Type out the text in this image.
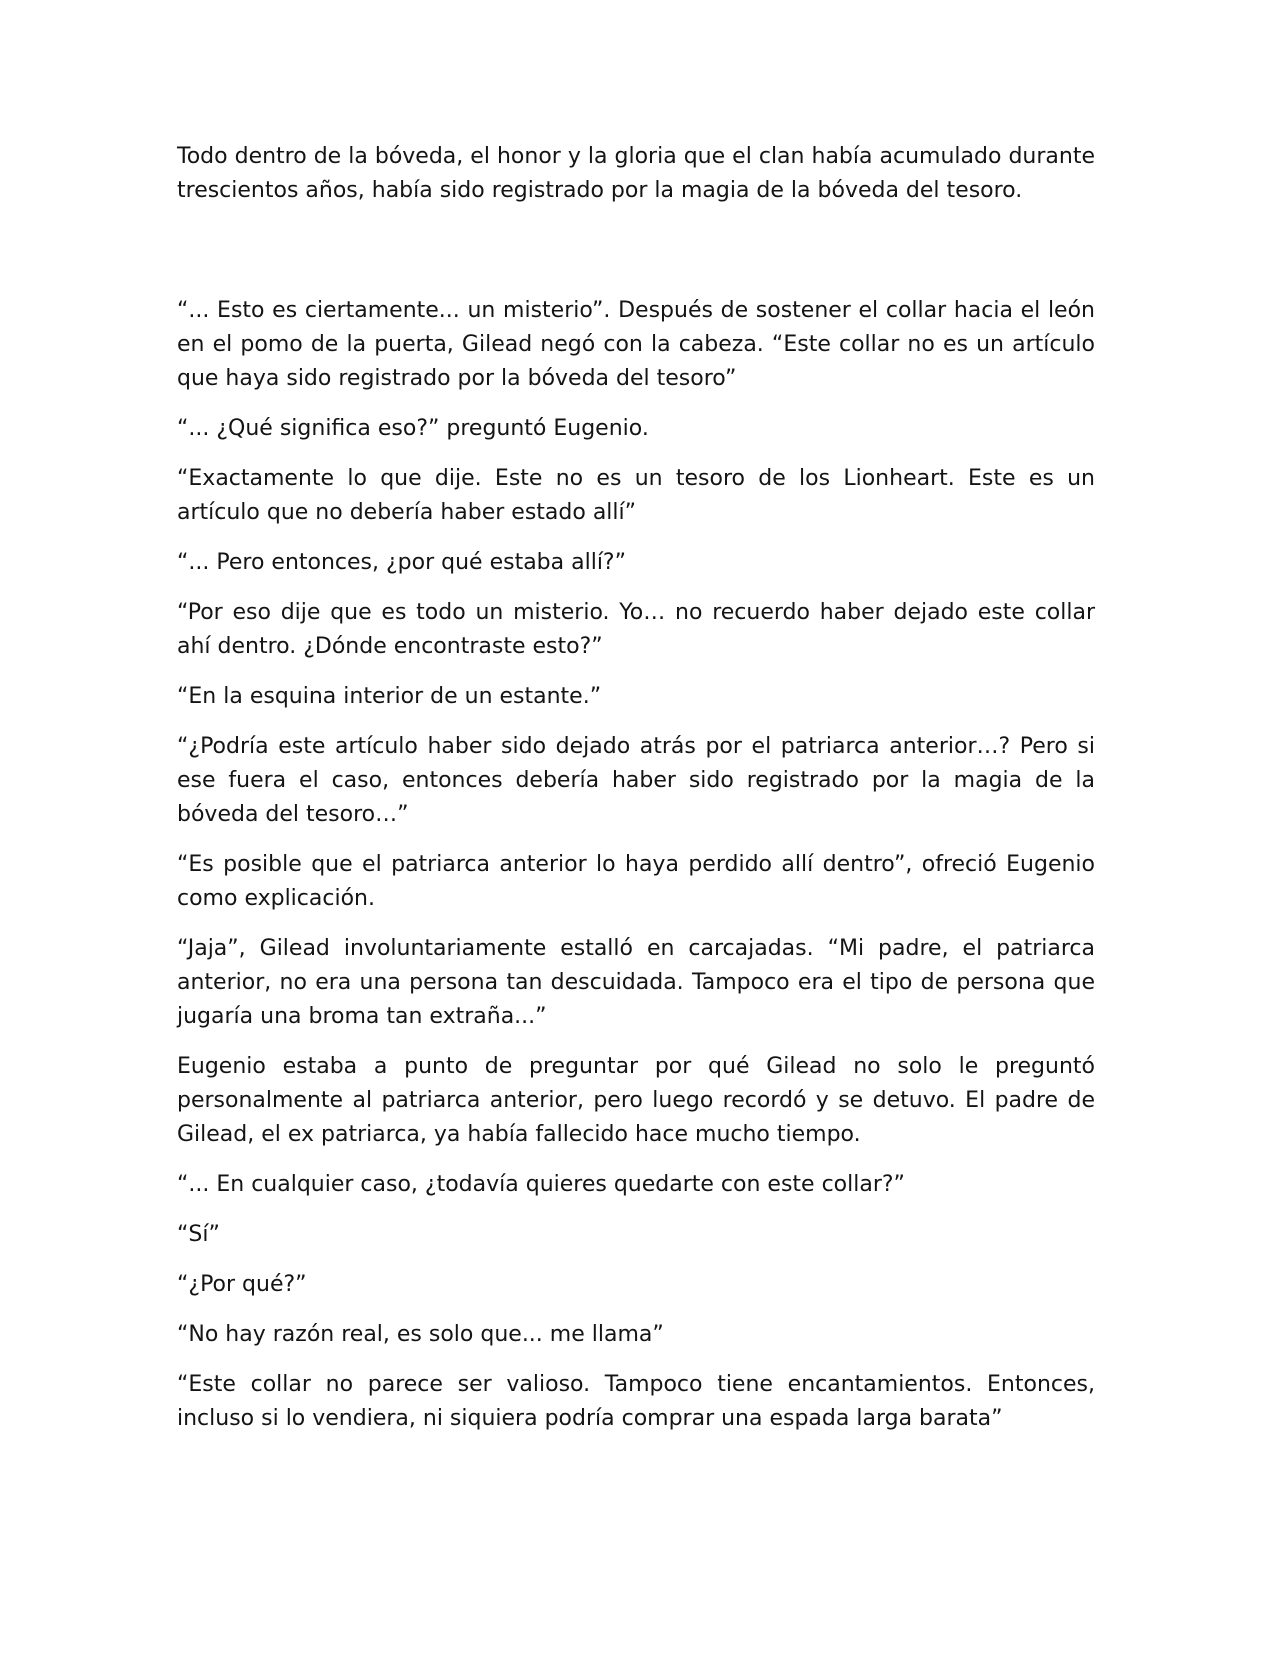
Todo dentro de la bóveda, el honor y la gloria que el clan había acumulado durante trescientos años, había sido registrado por la magia de la bóveda del tesoro.

“... Esto es ciertamente... un misterio”. Después de sostener el collar hacia el león en el pomo de la puerta, Gilead negó con la cabeza. “Este collar no es un artículo que haya sido registrado por la bóveda del tesoro”

“... ¿Qué significa eso?” preguntó Eugenio.

“Exactamente lo que dije. Este no es un tesoro de los Lionheart. Este es un artículo que no debería haber estado allí”

“... Pero entonces, ¿por qué estaba allí?”

“Por eso dije que es todo un misterio. Yo… no recuerdo haber dejado este collar ahí dentro. ¿Dónde encontraste esto?”

“En la esquina interior de un estante.”

“¿Podría este artículo haber sido dejado atrás por el patriarca anterior…? Pero si ese fuera el caso, entonces debería haber sido registrado por la magia de la bóveda del tesoro…”

“Es posible que el patriarca anterior lo haya perdido allí dentro”, ofreció Eugenio como explicación.

“Jaja”, Gilead involuntariamente estalló en carcajadas. “Mi padre, el patriarca anterior, no era una persona tan descuidada. Tampoco era el tipo de persona que jugaría una broma tan extraña...”

Eugenio estaba a punto de preguntar por qué Gilead no solo le preguntó personalmente al patriarca anterior, pero luego recordó y se detuvo. El padre de Gilead, el ex patriarca, ya había fallecido hace mucho tiempo.

“... En cualquier caso, ¿todavía quieres quedarte con este collar?”

“Sí”

“¿Por qué?”

“No hay razón real, es solo que... me llama”

“Este collar no parece ser valioso. Tampoco tiene encantamientos. Entonces, incluso si lo vendiera, ni siquiera podría comprar una espada larga barata”
